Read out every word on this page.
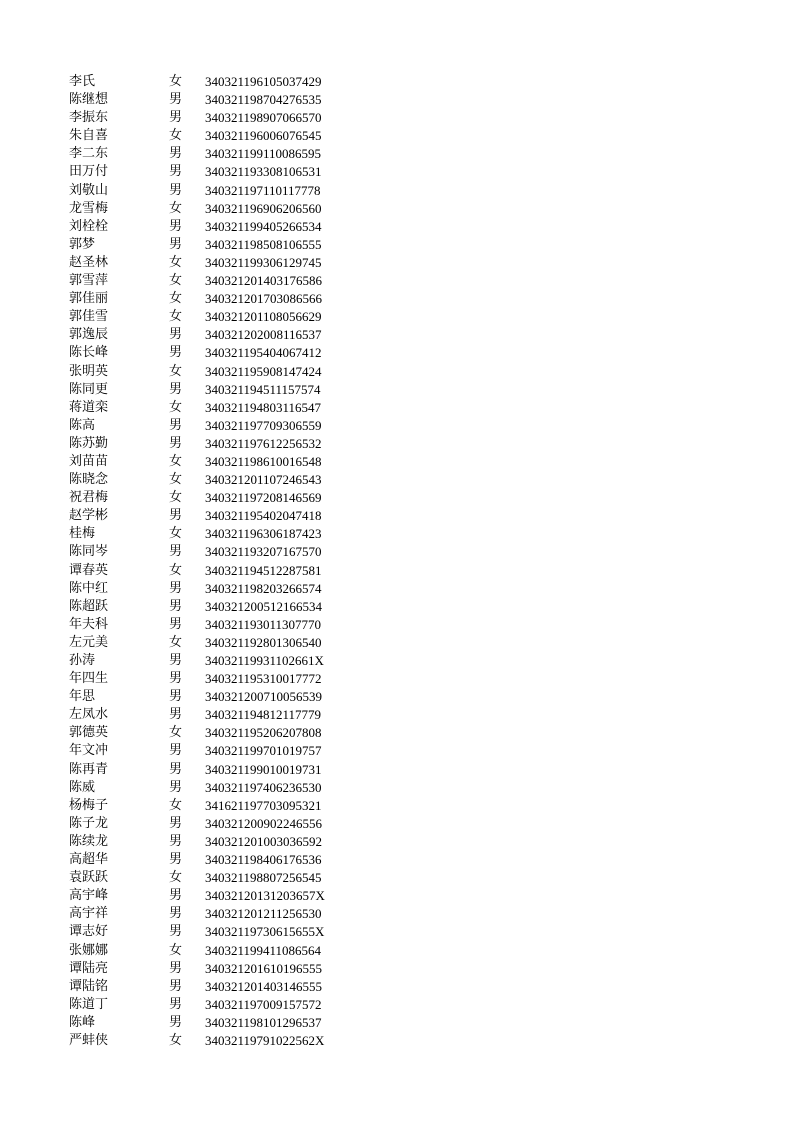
李氏	女	340321196105037429
陈继想	男	340321198704276535
李振东	男	340321198907066570
朱自喜	女	340321196006076545
李二东	男	340321199110086595
田万付	男	340321193308106531
刘敬山	男	340321197110117778
龙雪梅	女	340321196906206560
刘栓栓	男	340321199405266534
郭梦	男	340321198508106555
赵圣林	女	340321199306129745
郭雪萍	女	340321201403176586
郭佳丽	女	340321201703086566
郭佳雪	女	340321201108056629
郭逸辰	男	340321202008116537
陈长峰	男	340321195404067412
张明英	女	340321195908147424
陈同更	男	340321194511157574
蒋道栾	女	340321194803116547
陈高	男	340321197709306559
陈苏勤	男	340321197612256532
刘苗苗	女	340321198610016548
陈晓念	女	340321201107246543
祝君梅	女	340321197208146569
赵学彬	男	340321195402047418
桂梅	女	340321196306187423
陈同岑	男	340321193207167570
谭春英	女	340321194512287581
陈中红	男	340321198203266574
陈超跃	男	340321200512166534
年夫科	男	340321193011307770
左元美	女	340321192801306540
孙涛	男	34032119931102661X
年四生	男	340321195310017772
年思	男	340321200710056539
左凤水	男	340321194812117779
郭德英	女	340321195206207808
年文冲	男	340321199701019757
陈再青	男	340321199010019731
陈威	男	340321197406236530
杨梅子	女	341621197703095321
陈子龙	男	340321200902246556
陈续龙	男	340321201003036592
高超华	男	340321198406176536
袁跃跃	女	340321198807256545
高宇峰	男	34032120131203657X
高宇祥	男	340321201211256530
谭志好	男	34032119730615655X
张娜娜	女	340321199411086564
谭陆亮	男	340321201610196555
谭陆铭	男	340321201403146555
陈道丁	男	340321197009157572
陈峰	男	340321198101296537
严蚌侠	女	34032119791022562X
